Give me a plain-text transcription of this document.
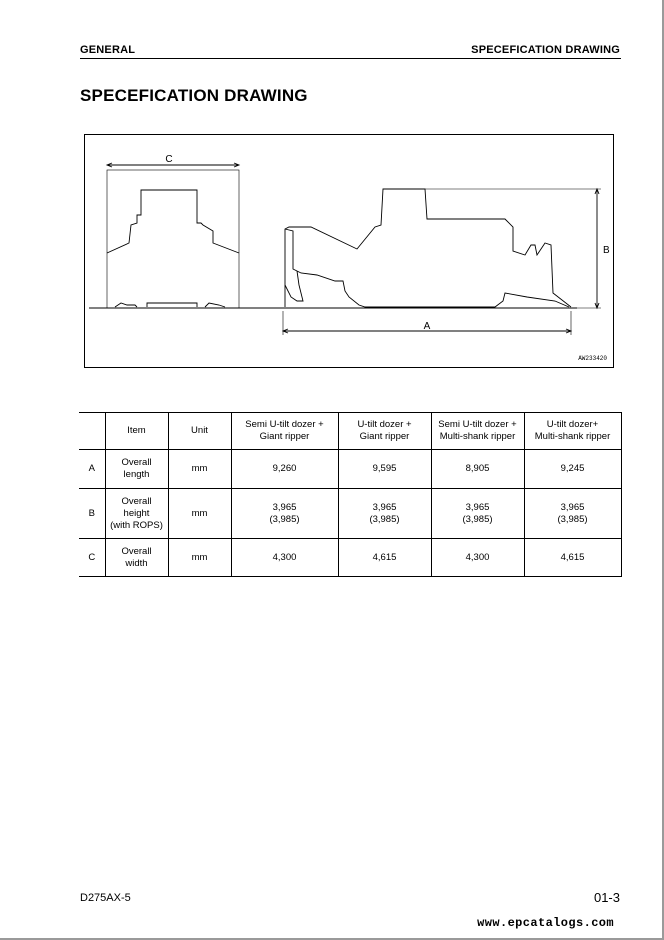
GENERAL	SPECEFICATION DRAWING
SPECEFICATION DRAWING
C
A
B
AW233420
	Item	Unit	Semi U-tilt dozer +
Giant ripper	U-tilt dozer +
Giant ripper	Semi U-tilt dozer +
Multi-shank ripper	U-tilt dozer+
Multi-shank ripper
A	Overall
length	mm	9,260	9,595	8,905	9,245
B	Overall
height
(with ROPS)	mm	3,965
(3,985)	3,965
(3,985)	3,965
(3,985)	3,965
(3,985)
C	Overall
width	mm	4,300	4,615	4,300	4,615
D275AX-5	01-3
www.epcatalogs.com
